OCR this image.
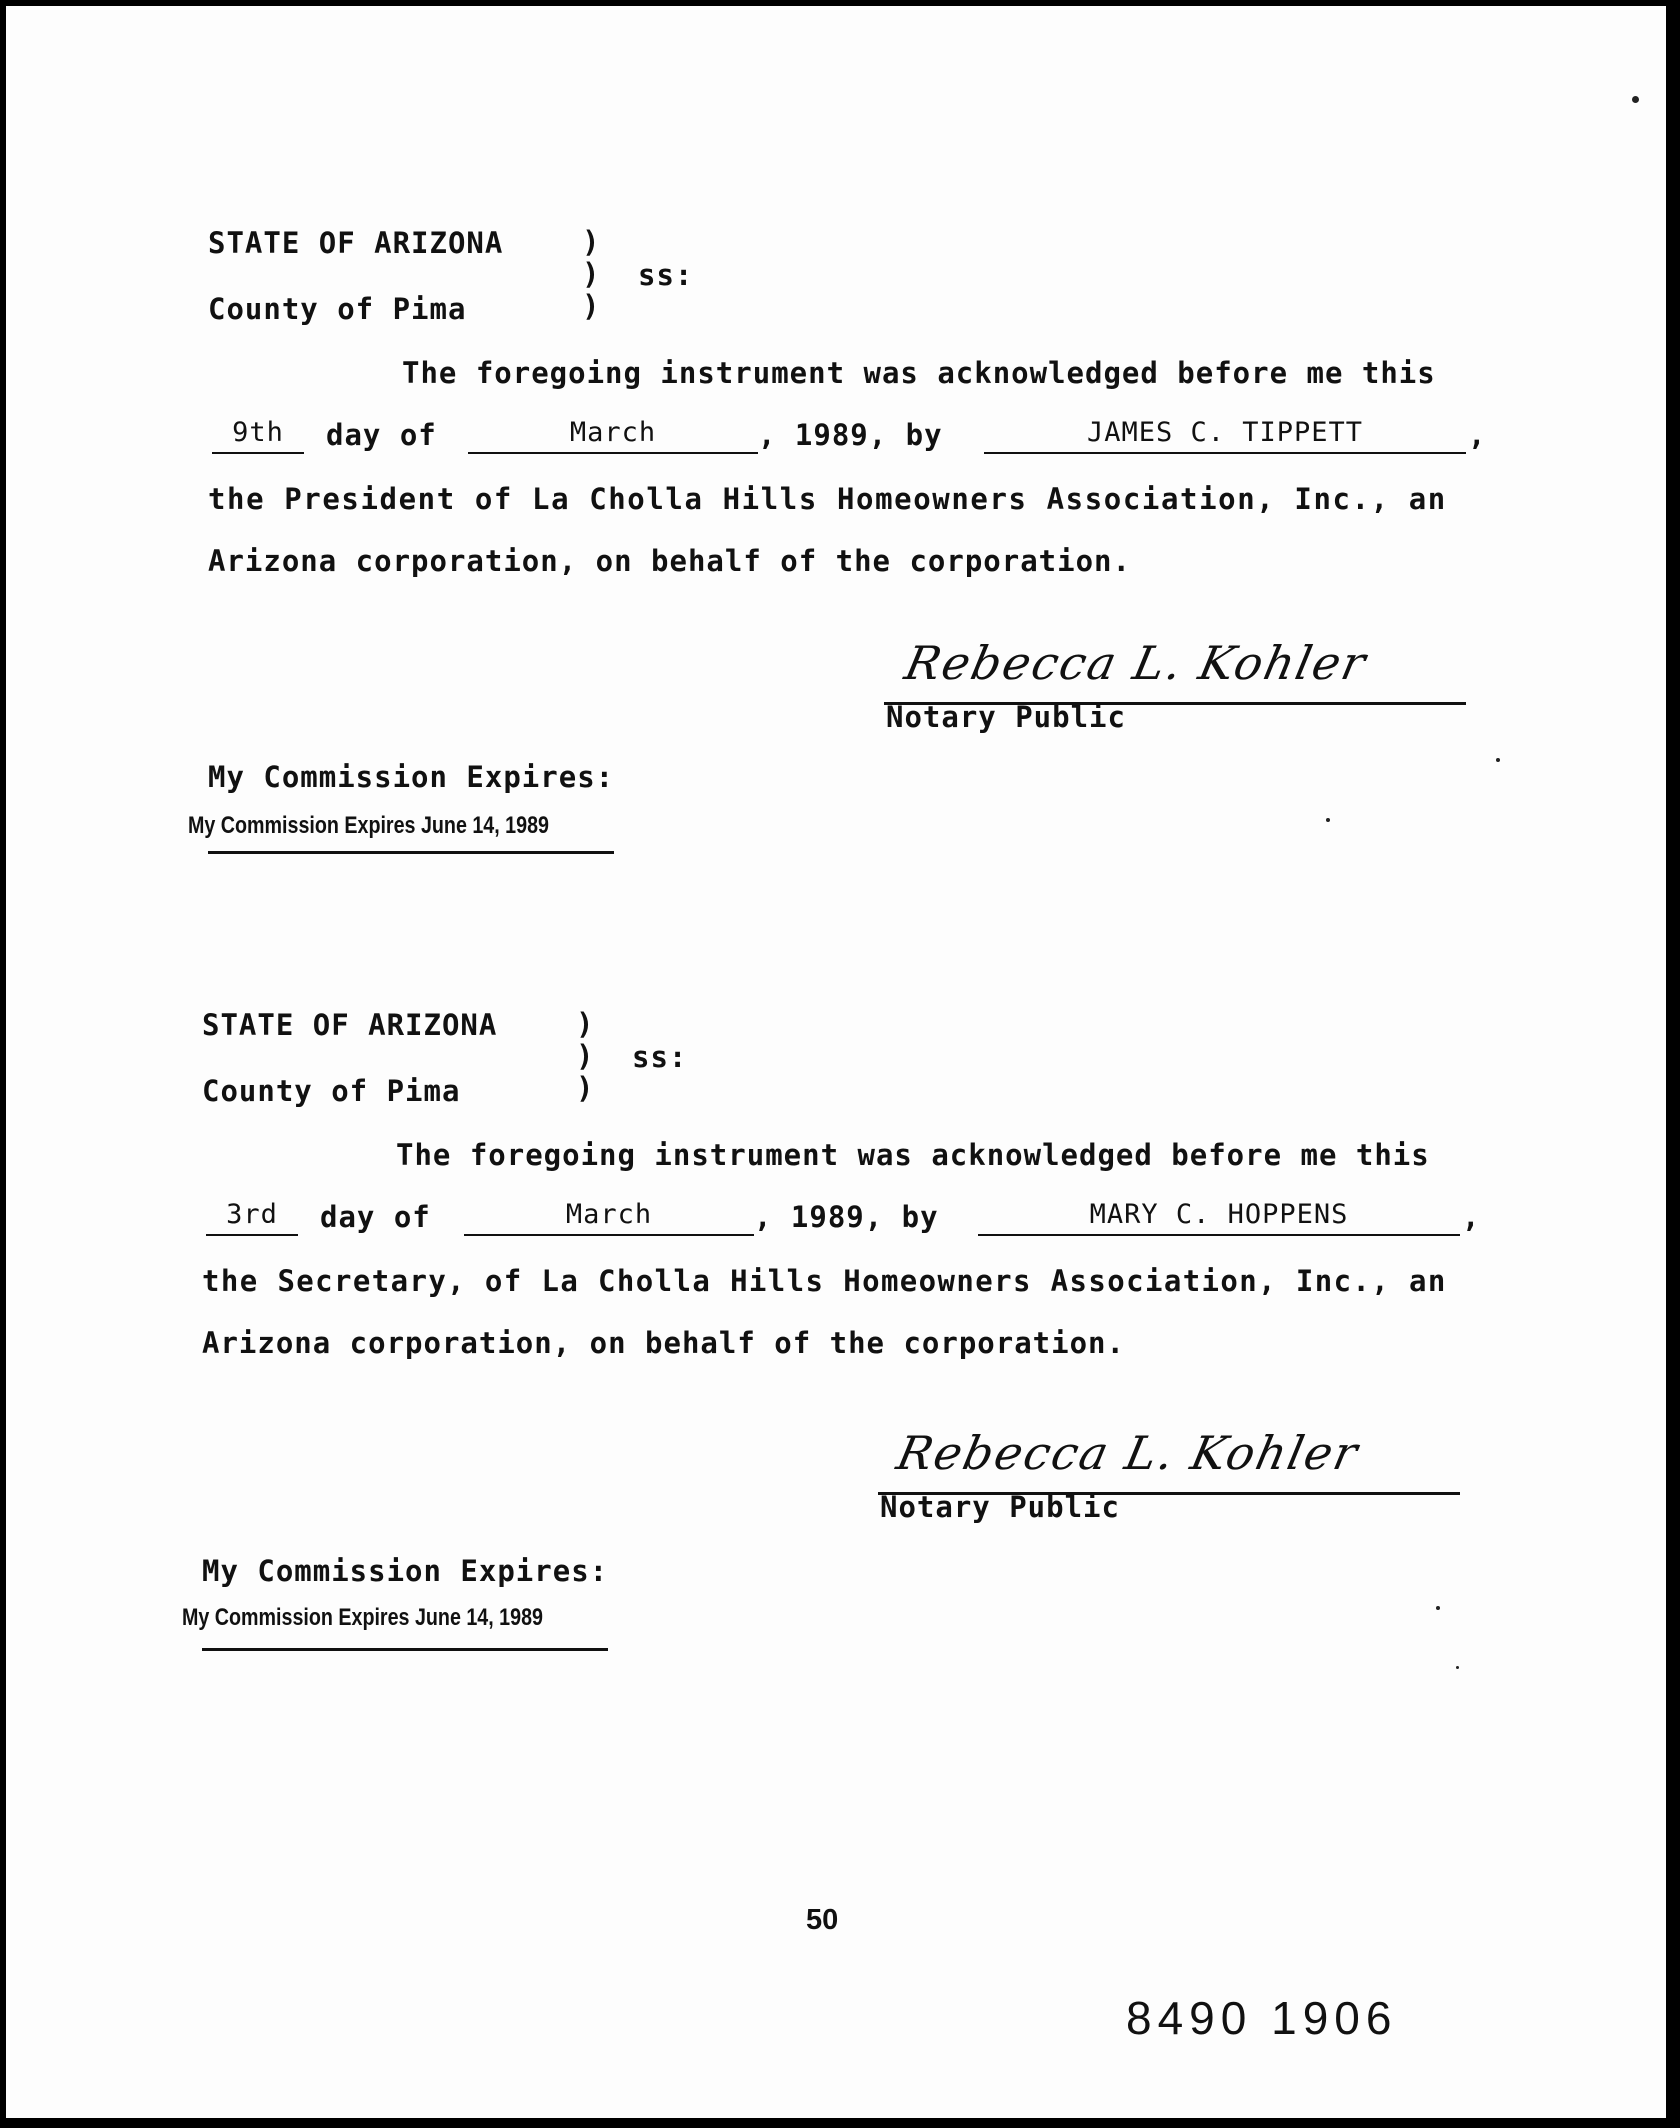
STATE OF ARIZONA	)
)
)
ss:
County of Pima
The foregoing instrument was acknowledged before me this
9th	day of	March	, 1989, by	JAMES C. TIPPETT	,
the President of La Cholla Hills Homeowners Association, Inc., an
Arizona corporation, on behalf of the corporation.
Rebecca L. Kohler
Notary Public
My Commission Expires:
My Commission Expires June 14, 1989
STATE OF ARIZONA	)
)
)
ss:
County of Pima
The foregoing instrument was acknowledged before me this
3rd	day of	March	, 1989, by	MARY C. HOPPENS	,
the Secretary, of La Cholla Hills Homeowners Association, Inc., an
Arizona corporation, on behalf of the corporation.
Rebecca L. Kohler
Notary Public
My Commission Expires:
My Commission Expires June 14, 1989
50
8490 1906
